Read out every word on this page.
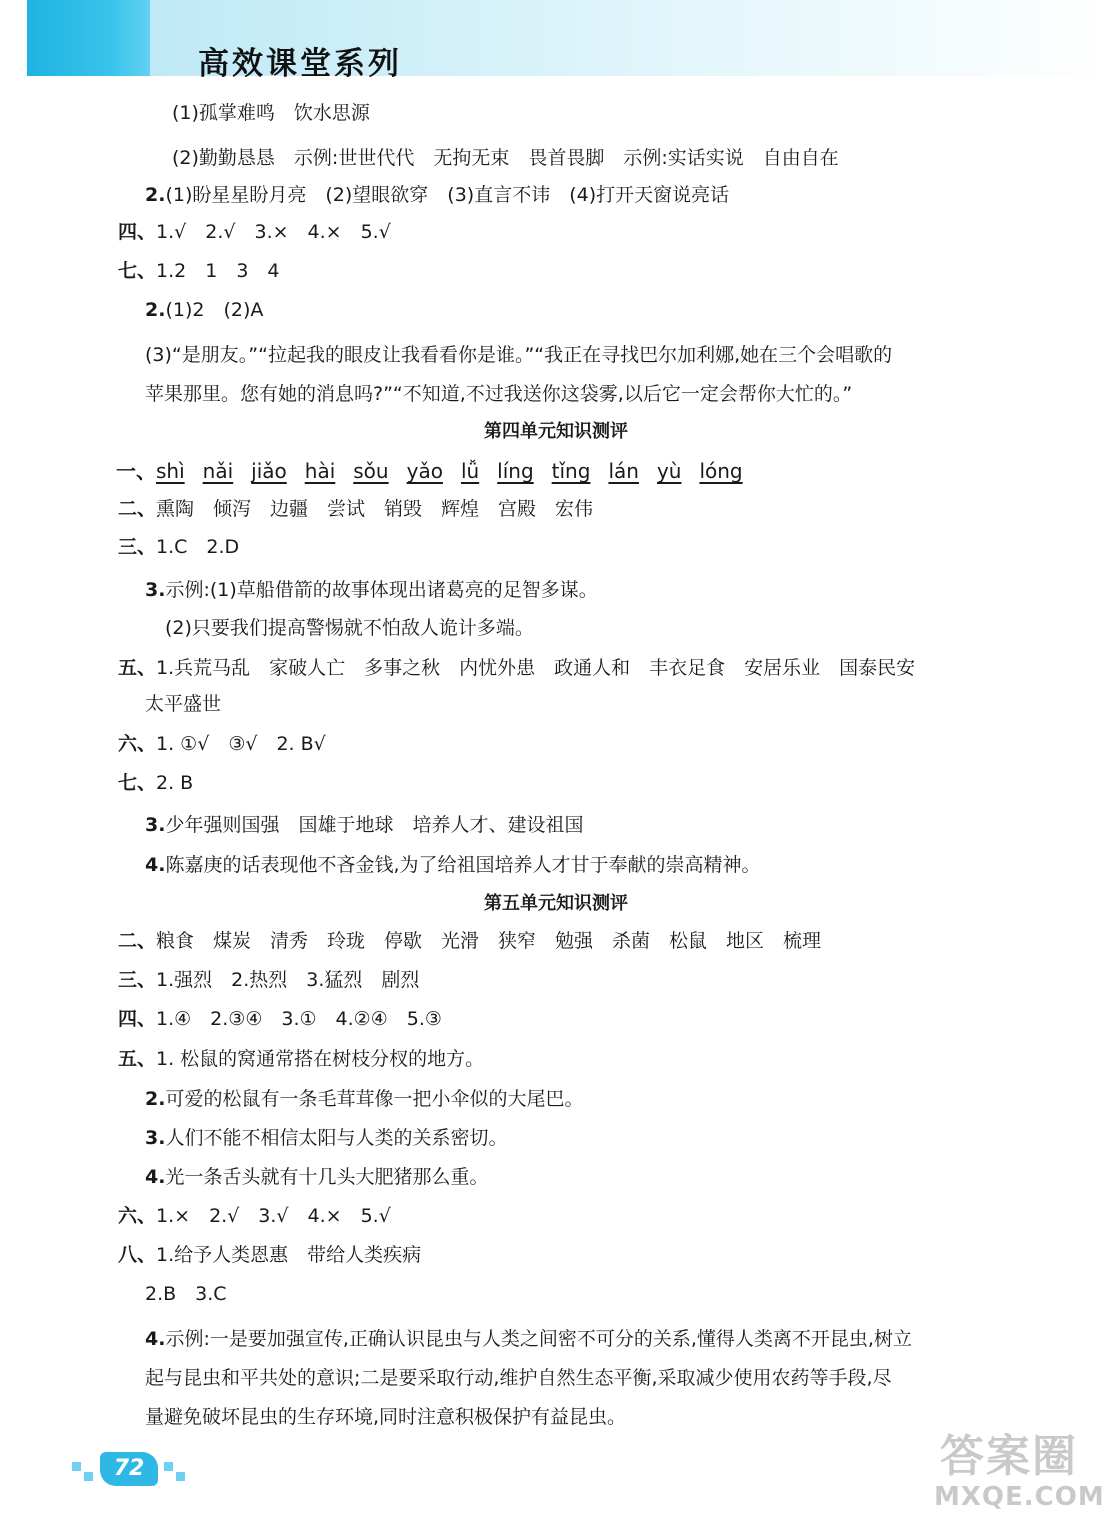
高效课堂系列
(1)孤掌难鸣　饮水思源
(2)勤勤恳恳　示例:世世代代　无拘无束　畏首畏脚　示例:实话实说　自由自在
2.(1)盼星星盼月亮　(2)望眼欲穿　(3)直言不讳　(4)打开天窗说亮话
四、1.√　2.√　3.×　4.×　5.√
七、1.2　1　3　4
2.(1)2　(2)A
(3)“是朋友。”“拉起我的眼皮让我看看你是谁。”“我正在寻找巴尔加利娜,她在三个会唱歌的
苹果那里。您有她的消息吗?”“不知道,不过我送你这袋雾,以后它一定会帮你大忙的。”
第四单元知识测评
一、shì nǎi jiǎo hài sǒu yǎo lǚ líng tǐng lán yù lóng
二、熏陶　倾泻　边疆　尝试　销毁　辉煌　宫殿　宏伟
三、1.C　2.D
3.示例:(1)草船借箭的故事体现出诸葛亮的足智多谋。
(2)只要我们提高警惕就不怕敌人诡计多端。
五、1.兵荒马乱　家破人亡　多事之秋　内忧外患　政通人和　丰衣足食　安居乐业　国泰民安
太平盛世
六、1. ①√　③√　2. B√
七、2. B
3.少年强则国强　国雄于地球　培养人才、建设祖国
4.陈嘉庚的话表现他不吝金钱,为了给祖国培养人才甘于奉献的崇高精神。
第五单元知识测评
二、粮食　煤炭　清秀　玲珑　停歇　光滑　狭窄　勉强　杀菌　松鼠　地区　梳理
三、1.强烈　2.热烈　3.猛烈　剧烈
四、1.④　2.③④　3.①　4.②④　5.③
五、1. 松鼠的窝通常搭在树枝分杈的地方。
2.可爱的松鼠有一条毛茸茸像一把小伞似的大尾巴。
3.人们不能不相信太阳与人类的关系密切。
4.光一条舌头就有十几头大肥猪那么重。
六、1.×　2.√　3.√　4.×　5.√
八、1.给予人类恩惠　带给人类疾病
2.B　3.C
4.示例:一是要加强宣传,正确认识昆虫与人类之间密不可分的关系,懂得人类离不开昆虫,树立
起与昆虫和平共处的意识;二是要采取行动,维护自然生态平衡,采取减少使用农药等手段,尽
量避免破坏昆虫的生存环境,同时注意积极保护有益昆虫。
72	答案圈
MXQE.COM
